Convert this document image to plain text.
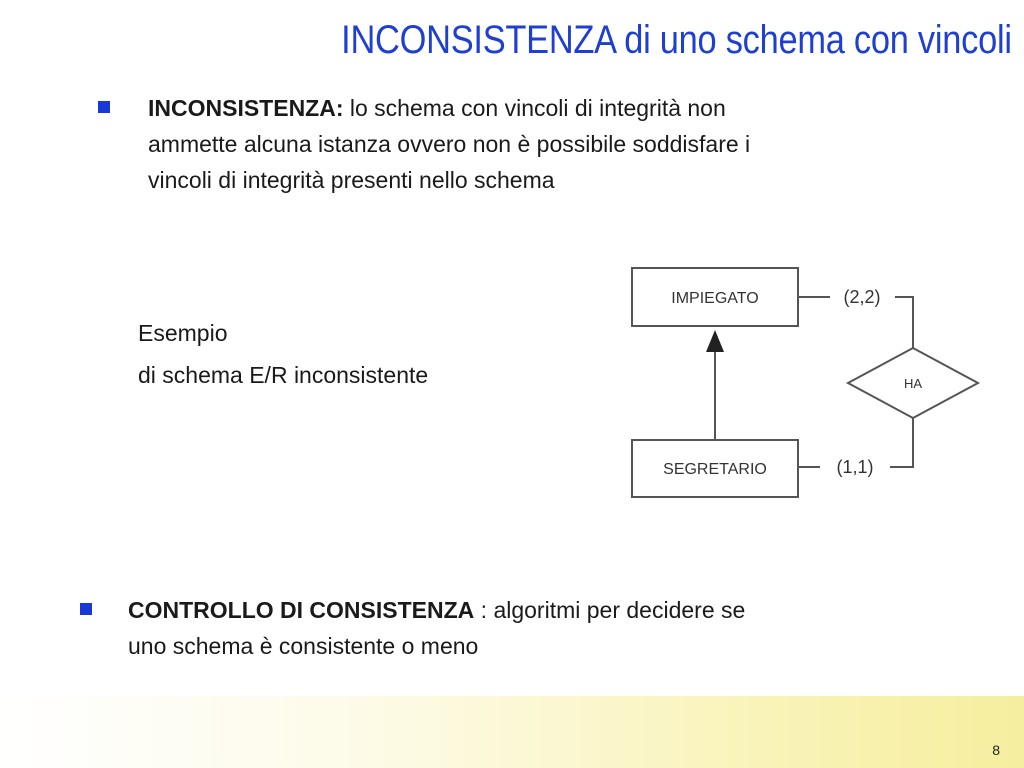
INCONSISTENZA di uno schema con vincoli
INCONSISTENZA: lo schema con vincoli di integrità non
ammette alcuna istanza ovvero non è possibile soddisfare i
vincoli di integrità presenti nello schema
Esempio
di schema E/R inconsistente
IMPIEGATO
SEGRETARIO
HA
(2,2)
(1,1)
CONTROLLO DI CONSISTENZA : algoritmi per decidere se
uno schema è consistente o meno
8
